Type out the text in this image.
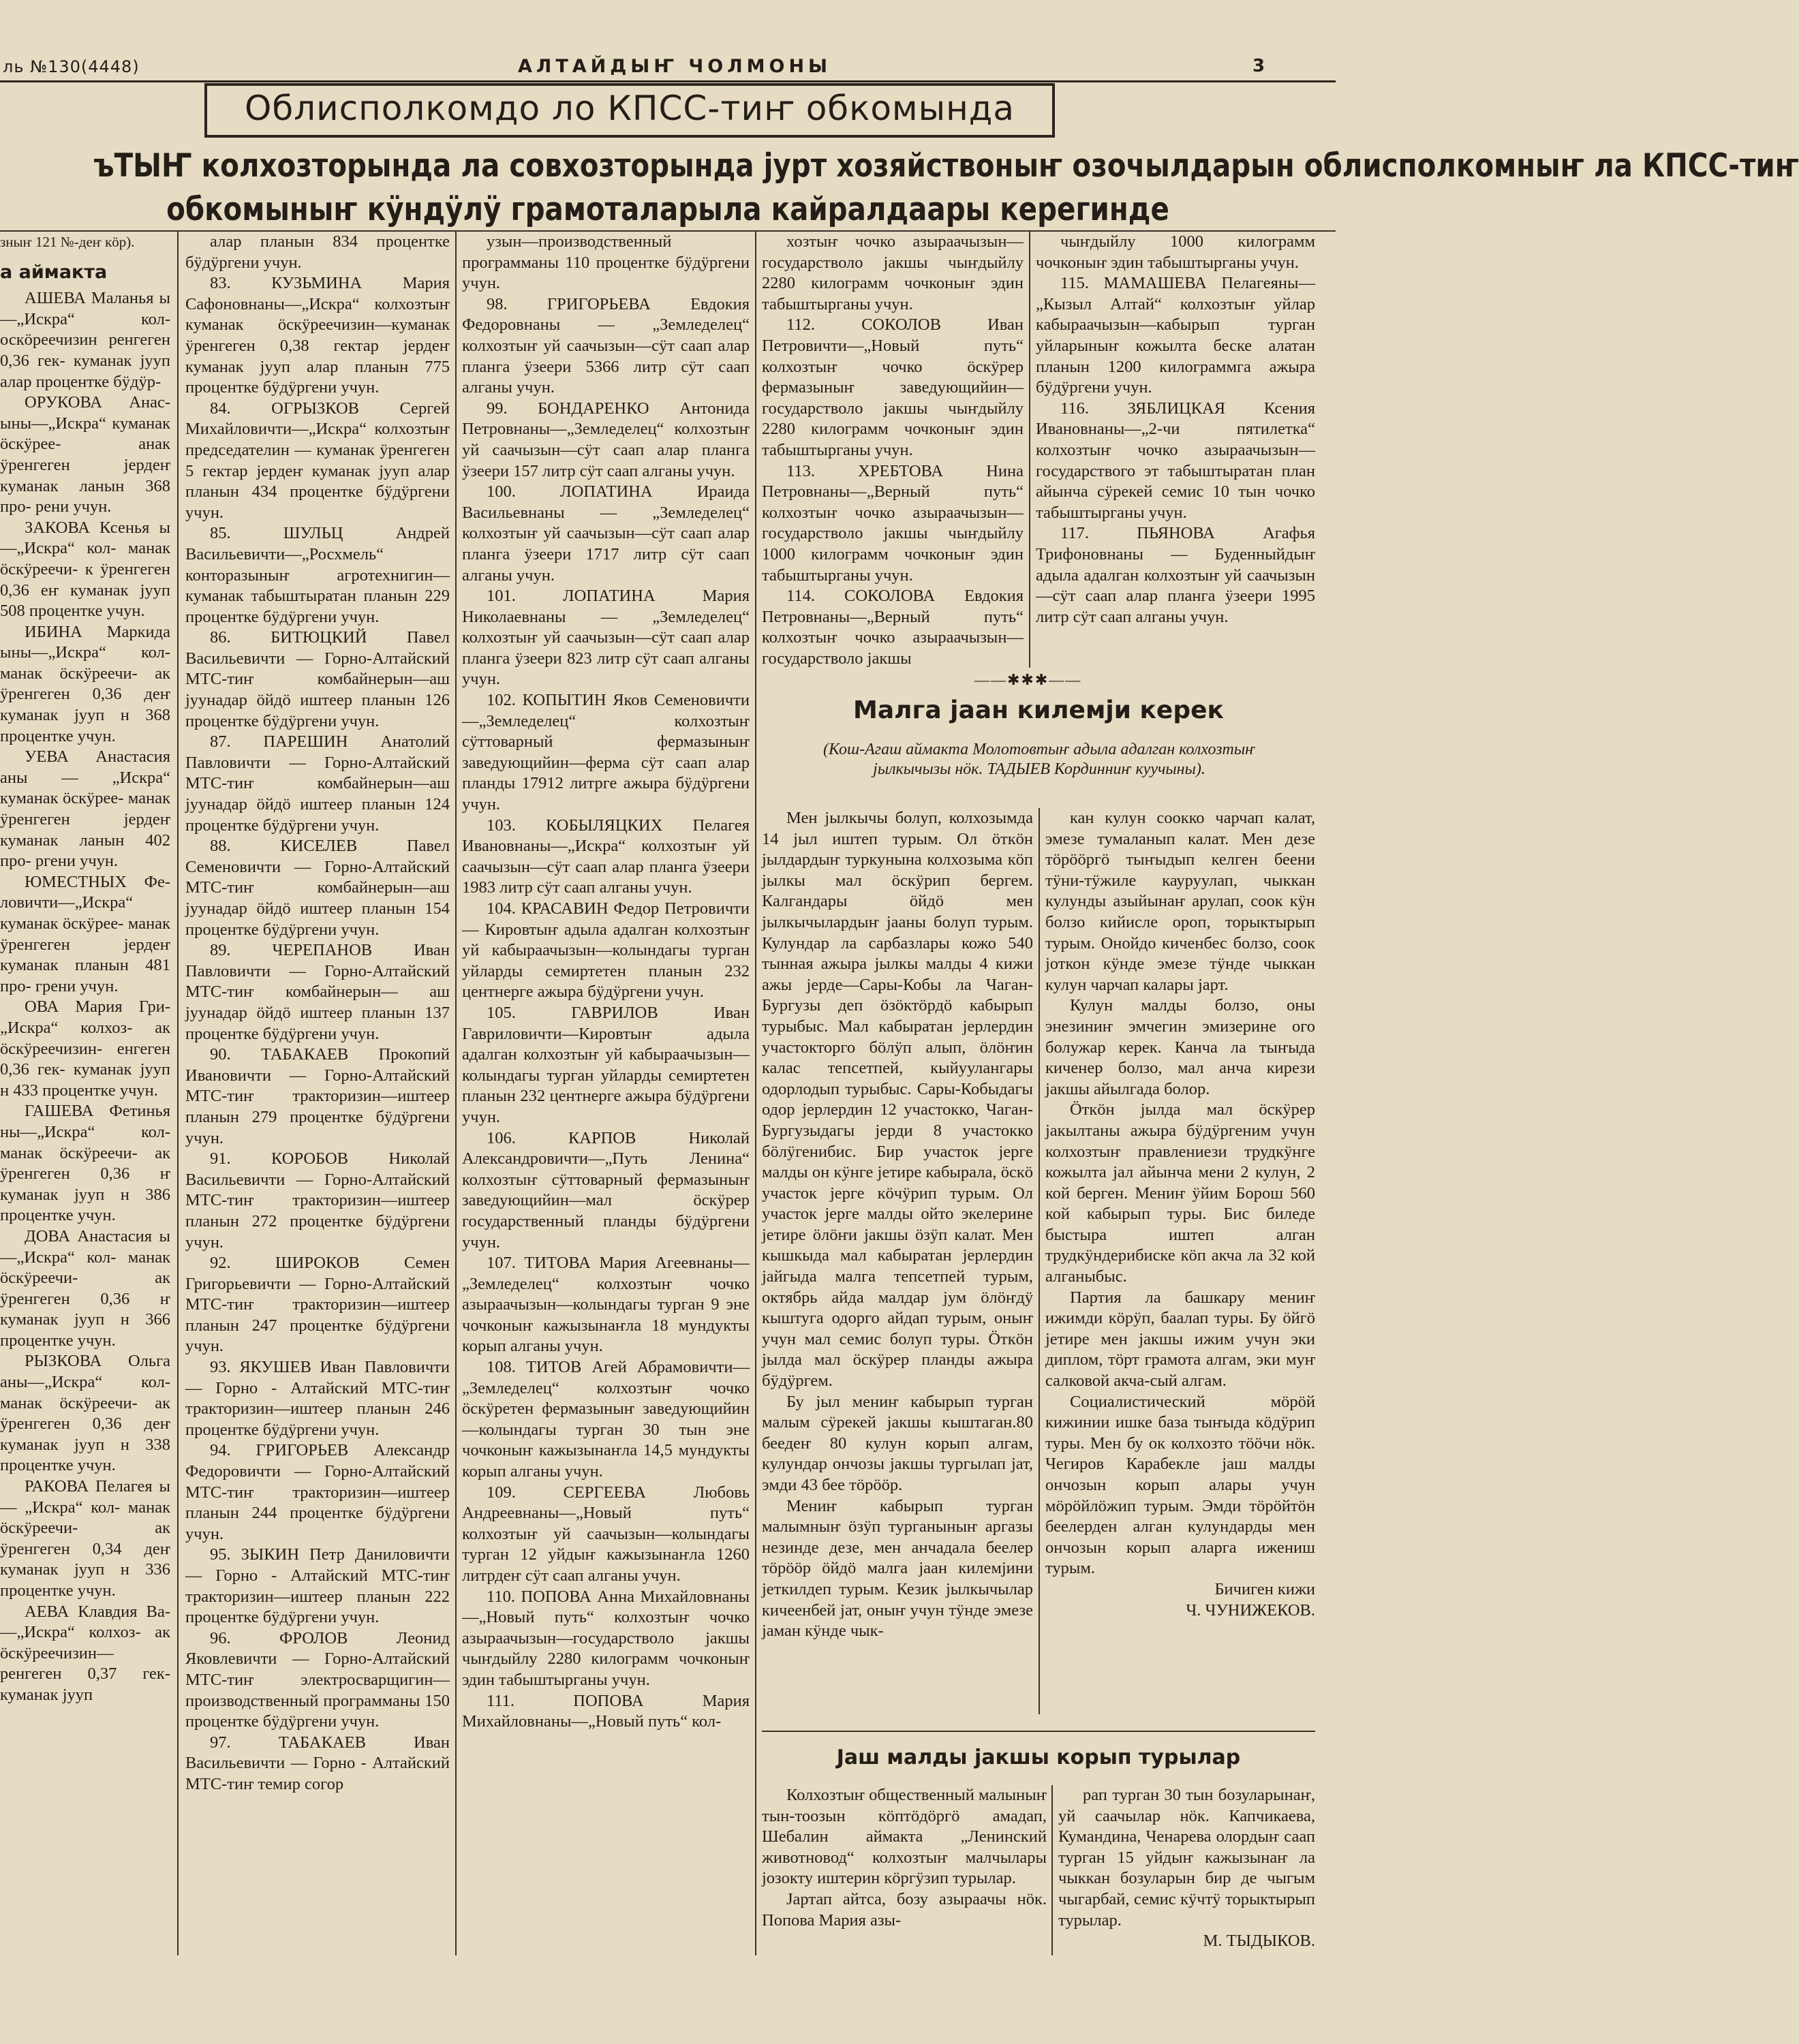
ль №130(4448)	АЛТАЙДЫҤ ЧОЛМОНЫ	3
Облисполкомдо ло КПСС-тиҥ обкомында
ъТЫҤ колхозторында ла совхозторында јурт хозяйствоныҥ озочылдарын облисполкомныҥ ла КПСС-тиҥ
обкомыныҥ кӱндӱлӱ грамоталарыла кайралдаары керегинде

зныҥ 121 №-деҥ кӧр).

а аймакта

АШЕВА Маланья ы—„Искра“ кол- оскӧреечизин ренгеген 0,36 гек- куманак јууп алар процентке бӱдӱр-

ОРУКОВА Анас- ыны—„Искра“ куманак ӧскӱрее- анак ӱренгеген јердеҥ куманак ланын 368 про- рени учун.

ЗАКОВА Ксенья ы—„Искра“ кол- манак ӧскӱреечи- к ӱренгеген 0,36 еҥ куманак јууп 508 процентке учун.

ИБИНА Маркида ыны—„Искра“ кол- манак ӧскӱреечи- ак ӱренгеген 0,36 деҥ куманак јууп н 368 процентке учун.

УЕВА Анастасия аны — „Искра“ куманак ӧскӱрее- манак ӱренгеген јердеҥ куманак ланын 402 про- ргени учун.

ЮМЕСТНЫХ Фе- ловичти—„Искра“ куманак ӧскӱрее- манак ӱренгеген јердеҥ куманак планын 481 про- грени учун.

ОВА Мария Гри- „Искра“ колхоз- ак ӧскӱреечизин- енгеген 0,36 гек- куманак јууп н 433 процентке учун.

ГАШЕВА Фетинья ны—„Искра“ кол- манак ӧскӱреечи- ак ӱренгеген 0,36 ҥ куманак јууп н 386 процентке учун.

ДОВА Анастасия ы—„Искра“ кол- манак ӧскӱреечи- ак ӱренгеген 0,36 ҥ куманак јууп н 366 процентке учун.

РЫЗКОВА Ольга аны—„Искра“ кол- манак ӧскӱреечи- ак ӱренгеген 0,36 деҥ куманак јууп н 338 процентке учун.

РАКОВА Пелагея ы — „Искра“ кол- манак ӧскӱреечи- ак ӱренгеген 0,34 деҥ куманак јууп н 336 процентке учун.

АЕВА Клавдия Ва- —„Искра“ колхоз- ак ӧскӱреечизин— ренгеген 0,37 гек- куманак јууп

алар планын 834 процентке бӱдӱргени учун.

83. КУЗЬМИНА Мария Сафоновнаны—„Искра“ колхозтыҥ куманак ӧскӱреечизин—куманак ӱренгеген 0,38 гектар јердеҥ куманак јууп алар планын 775 процентке бӱдӱргени учун.

84. ОГРЫЗКОВ Сергей Михайловичти—„Искра“ колхозтыҥ председателин — куманак ӱренгеген 5 гектар јердеҥ куманак јууп алар планын 434 процентке бӱдӱргени учун.

85. ШУЛЬЦ Андрей Васильевичти—„Росхмель“ конторазыныҥ агротехнигин—куманак табыштыратан планын 229 процентке бӱдӱргени учун.

86. БИТЮЦКИЙ Павел Васильевичти — Горно-Алтайский МТС-тиҥ комбайнерын—аш јуунадар ӧйдӧ иштеер планын 126 процентке бӱдӱргени учун.

87. ПАРЕШИН Анатолий Павловичти — Горно-Алтайский МТС-тиҥ комбайнерын—аш јуунадар ӧйдӧ иштеер планын 124 процентке бӱдӱргени учун.

88. КИСЕЛЕВ Павел Семеновичти — Горно-Алтайский МТС-тиҥ комбайнерын—аш јуунадар ӧйдӧ иштеер планын 154 процентке бӱдӱргени учун.

89. ЧЕРЕПАНОВ Иван Павловичти — Горно-Алтайский МТС-тиҥ комбайнерын— аш јуунадар ӧйдӧ иштеер планын 137 процентке бӱдӱргени учун.

90. ТАБАКАЕВ Прокопий Ивановичти — Горно-Алтайский МТС-тиҥ тракторизин—иштеер планын 279 процентке бӱдӱргени учун.

91. КОРОБОВ Николай Васильевичти — Горно-Алтайский МТС-тиҥ тракторизин—иштеер планын 272 процентке бӱдӱргени учун.

92. ШИРОКОВ Семен Григорьевичти — Горно-Алтайский МТС-тиҥ тракторизин—иштеер планын 247 процентке бӱдӱргени учун.

93. ЯКУШЕВ Иван Павловичти — Горно - Алтайский МТС-тиҥ тракторизин—иштеер планын 246 процентке бӱдӱргени учун.

94. ГРИГОРЬЕВ Александр Федоровичти — Горно-Алтайский МТС-тиҥ тракторизин—иштеер планын 244 процентке бӱдӱргени учун.

95. ЗЫКИН Петр Даниловичти — Горно - Алтайский МТС-тиҥ тракторизин—иштеер планын 222 процентке бӱдӱргени учун.

96. ФРОЛОВ Леонид Яковлевичти — Горно-Алтайский МТС-тиҥ электросварщигин—производственный программаны 150 процентке бӱдӱргени учун.

97. ТАБАКАЕВ Иван Васильевичти — Горно - Алтайский МТС-тиҥ темир согор

узын—производственный программаны 110 процентке бӱдӱргени учун.

98. ГРИГОРЬЕВА Евдокия Федоровнаны — „Земледелец“ колхозтыҥ уй саачызын—сӱт саап алар планга ӱзеери 5366 литр сӱт саап алганы учун.

99. БОНДАРЕНКО Антонида Петровнаны—„Земледелец“ колхозтыҥ уй саачызын—сӱт саап алар планга ӱзеери 157 литр сӱт саап алганы учун.

100. ЛОПАТИНА Ираида Васильевнаны — „Земледелец“ колхозтыҥ уй саачызын—сӱт саап алар планга ӱзеери 1717 литр сӱт саап алганы учун.

101. ЛОПАТИНА Мария Николаевнаны — „Земледелец“ колхозтыҥ уй саачызын—сӱт саап алар планга ӱзеери 823 литр сӱт саап алганы учун.

102. КОПЫТИН Яков Семеновичти—„Земледелец“ колхозтыҥ сӱттоварный фермазыныҥ заведующийин—ферма сӱт саап алар планды 17912 литрге ажыра бӱдӱргени учун.

103. КОБЫЛЯЦКИХ Пелагея Ивановнаны—„Искра“ колхозтыҥ уй саачызын—сӱт саап алар планга ӱзеери 1983 литр сӱт саап алганы учун.

104. КРАСАВИН Федор Петровичти — Кировтыҥ адыла адалган колхозтыҥ уй кабыраачызын—колындагы турган уйларды семиртетен планын 232 центнерге ажыра бӱдӱргени учун.

105. ГАВРИЛОВ Иван Гавриловичти—Кировтыҥ адыла адалган колхозтыҥ уй кабыраачызын—колындагы турган уйларды семиртетен планын 232 центнерге ажыра бӱдӱргени учун.

106. КАРПОВ Николай Александровичти—„Путь Ленина“ колхозтыҥ сӱттоварный фермазыныҥ заведующийин—мал ӧскӱрер государственный планды бӱдӱргени учун.

107. ТИТОВА Мария Агеевнаны—„Земледелец“ колхозтыҥ чочко азыраачызын—колындагы турган 9 эне чочконыҥ кажызынаҥла 18 мундукты корып алганы учун.

108. ТИТОВ Агей Абрамовичти—„Земледелец“ колхозтыҥ чочко ӧскӱретен фермазыныҥ заведующийин—колындагы турган 30 тын эне чочконыҥ кажызынаҥла 14,5 мундукты корып алганы учун.

109. СЕРГЕЕВА Любовь Андреевнаны—„Новый путь“ колхозтыҥ уй саачызын—колындагы турган 12 уйдыҥ кажызынаҥла 1260 литрдеҥ сӱт саап алганы учун.

110. ПОПОВА Анна Михайловнаны—„Новый путь“ колхозтыҥ чочко азыраачызын—государстволо јакшы чыҥдыйлу 2280 килограмм чочконыҥ эдин табыштырганы учун.

111. ПОПОВА Мария Михайловнаны—„Новый путь“ кол-

хозтыҥ чочко азыраачызын—государстволо јакшы чыҥдыйлу 2280 килограмм чочконыҥ эдин табыштырганы учун.

112. СОКОЛОВ Иван Петровичти—„Новый путь“ колхозтыҥ чочко ӧскӱрер фермазыныҥ заведующийин—государстволо јакшы чыҥдыйлу 2280 килограмм чочконыҥ эдин табыштырганы учун.

113. ХРЕБТОВА Нина Петровнаны—„Верный путь“ колхозтыҥ чочко азыраачызын—государстволо јакшы чыҥдыйлу 1000 килограмм чочконыҥ эдин табыштырганы учун.

114. СОКОЛОВА Евдокия Петровнаны—„Верный путь“ колхозтыҥ чочко азыраачызын—государстволо јакшы

чыҥдыйлу 1000 килограмм чочконыҥ эдин табыштырганы учун.

115. МАМАШЕВА Пелагеяны—„Кызыл Алтай“ колхозтыҥ уйлар кабыраачызын—кабырып турган уйларыныҥ кожылта беске алатан планын 1200 килограммга ажыра бӱдӱргени учун.

116. ЗЯБЛИЦКАЯ Ксения Ивановнаны—„2-чи пятилетка“ колхозтыҥ чочко азыраачызын—государствого эт табыштыратан план айынча сӱрекей семис 10 тын чочко табыштырганы учун.

117. ПЬЯНОВА Агафья Трифоновнаны — Буденныйдыҥ адыла адалган колхозтыҥ уй саачызын—сӱт саап алар планга ӱзеери 1995 литр сӱт саап алганы учун.

——✱✱✱——
Малга јаан килемји керек
(Кош-Агаш аймакта Молотовтыҥ адыла адалган колхозтыҥ јылкычызы нӧк. ТАДЫЕВ Кординниҥ куучыны).

Мен јылкычы болуп, колхозымда 14 јыл иштеп турым. Ол ӧткӧн јылдардыҥ туркунына колхозыма кӧп јылкы мал ӧскӱрип бергем. Калгандары ӧйдӧ мен јылкычылардыҥ јааны болуп турым. Кулундар ла сарбазлары кожо 540 тынная ажыра јылкы малды 4 кижи ажы јерде—Сары-Кобы ла Чаган-Бургузы деп ӧзӧктӧрдӧ кабырып турыбыс. Мал кабыратан јерлердин участокторго бӧлӱп алып, ӧлӧҥин калас тепсетпей, кыйуулангары одорлодып турыбыс. Сары-Кобыдагы одор јерлердин 12 участокко, Чаган-Бургузыдагы јерди 8 участокко бӧлӱгенибис. Бир участок јерге малды он кӱнге јетире кабырала, ӧскӧ участок јерге кӧчӱрип турым. Ол участок јерге малды ойто экелерине јетире ӧлӧҥи јакшы ӧзӱп калат. Мен кышкыда мал кабыратан јерлердин јайгыда малга тепсетпей турым, октябрь айда малдар јум ӧлӧҥдӱ кыштуга одорго айдап турым, оныҥ учун мал семис болуп туры. Ӧткӧн јылда мал ӧскӱрер планды ажыра бӱдӱргем.

Бу јыл мениҥ кабырып турган малым сӱрекей јакшы кыштаган.80 беедеҥ 80 кулун корып алгам, кулундар ончозы јакшы тургылап јат, эмди 43 бее тӧрӧӧр.

Мениҥ кабырып турган малымныҥ ӧзӱп турганыныҥ аргазы незинде дезе, мен анчадала беелер тӧрӧӧр ӧйдӧ малга јаан килемјини јеткилдеп турым. Кезик јылкычылар кичеенбей јат, оныҥ учун тӱнде эмезе јаман кӱнде чык-

кан кулун соокко чарчап калат, эмезе тумаланып калат. Мен дезе тӧрӧӧргӧ тыҥыдып келген беени тӱни-тӱжиле кауруулап, чыккан кулунды азыйынаҥ арулап, соок кӱн болзо кийисле ороп, торыктырып турым. Онойдо киченбес болзо, соок јоткон кӱнде эмезе тӱнде чыккан кулун чарчап калары јарт.

Кулун малды болзо, оны энезиниҥ эмчегин эмизерине ого болужар керек. Канча ла тыҥыда киченер болзо, мал анча кирези јакшы айылгада болор.

Ӧткӧн јылда мал ӧскӱрер јакылтаны ажыра бӱдӱргеним учун колхозтыҥ правлениези трудкӱнге кожылта јал айынча мени 2 кулун, 2 кой берген. Мениҥ ӱйим Борош 560 кой кабырып туры. Бис биледе быстыра иштеп алган трудкӱндерибиске кӧп акча ла 32 кой алганыбыс.

Партия ла башкару мениҥ ижимди кӧрӱп, баалап туры. Бу ӧйгӧ јетире мен јакшы ижим учун эки диплом, тӧрт грамота алгам, эки муҥ салковой акча-сый алгам.

Социалистический мӧрӧй кижинии ишке база тыҥыда кӧдӱрип туры. Мен бу ок колхозто тӧӧчи нӧк. Чегиров Карабекле јаш малды ончозын корып алары учун мӧрӧйлӧжип турым. Эмди тӧрӧйтӧн беелерден алган кулундарды мен ончозын корып аларга ижениш турым.

Бичиген кижи

Ч. ЧУНИЖЕКОВ.

Јаш малды јакшы корып турылар

Колхозтыҥ общественный малыныҥ тын-тоозын кӧптӧдӧргӧ амадап, Шебалин аймакта „Ленинский животновод“ колхозтыҥ малчылары јозокту иштерин кӧргӱзип турылар.

Јартап айтса, бозу азыраачы нӧк. Попова Мария азы-

рап турган 30 тын бозуларынаҥ, уй саачылар нӧк. Капчикаева, Кумандина, Ченарева олордыҥ саап турган 15 уйдыҥ кажызынаҥ ла чыккан бозуларын бир де чыгым чыгарбай, семис кӱчтӱ торыктырып турылар.

М. ТЫДЫКОВ.
